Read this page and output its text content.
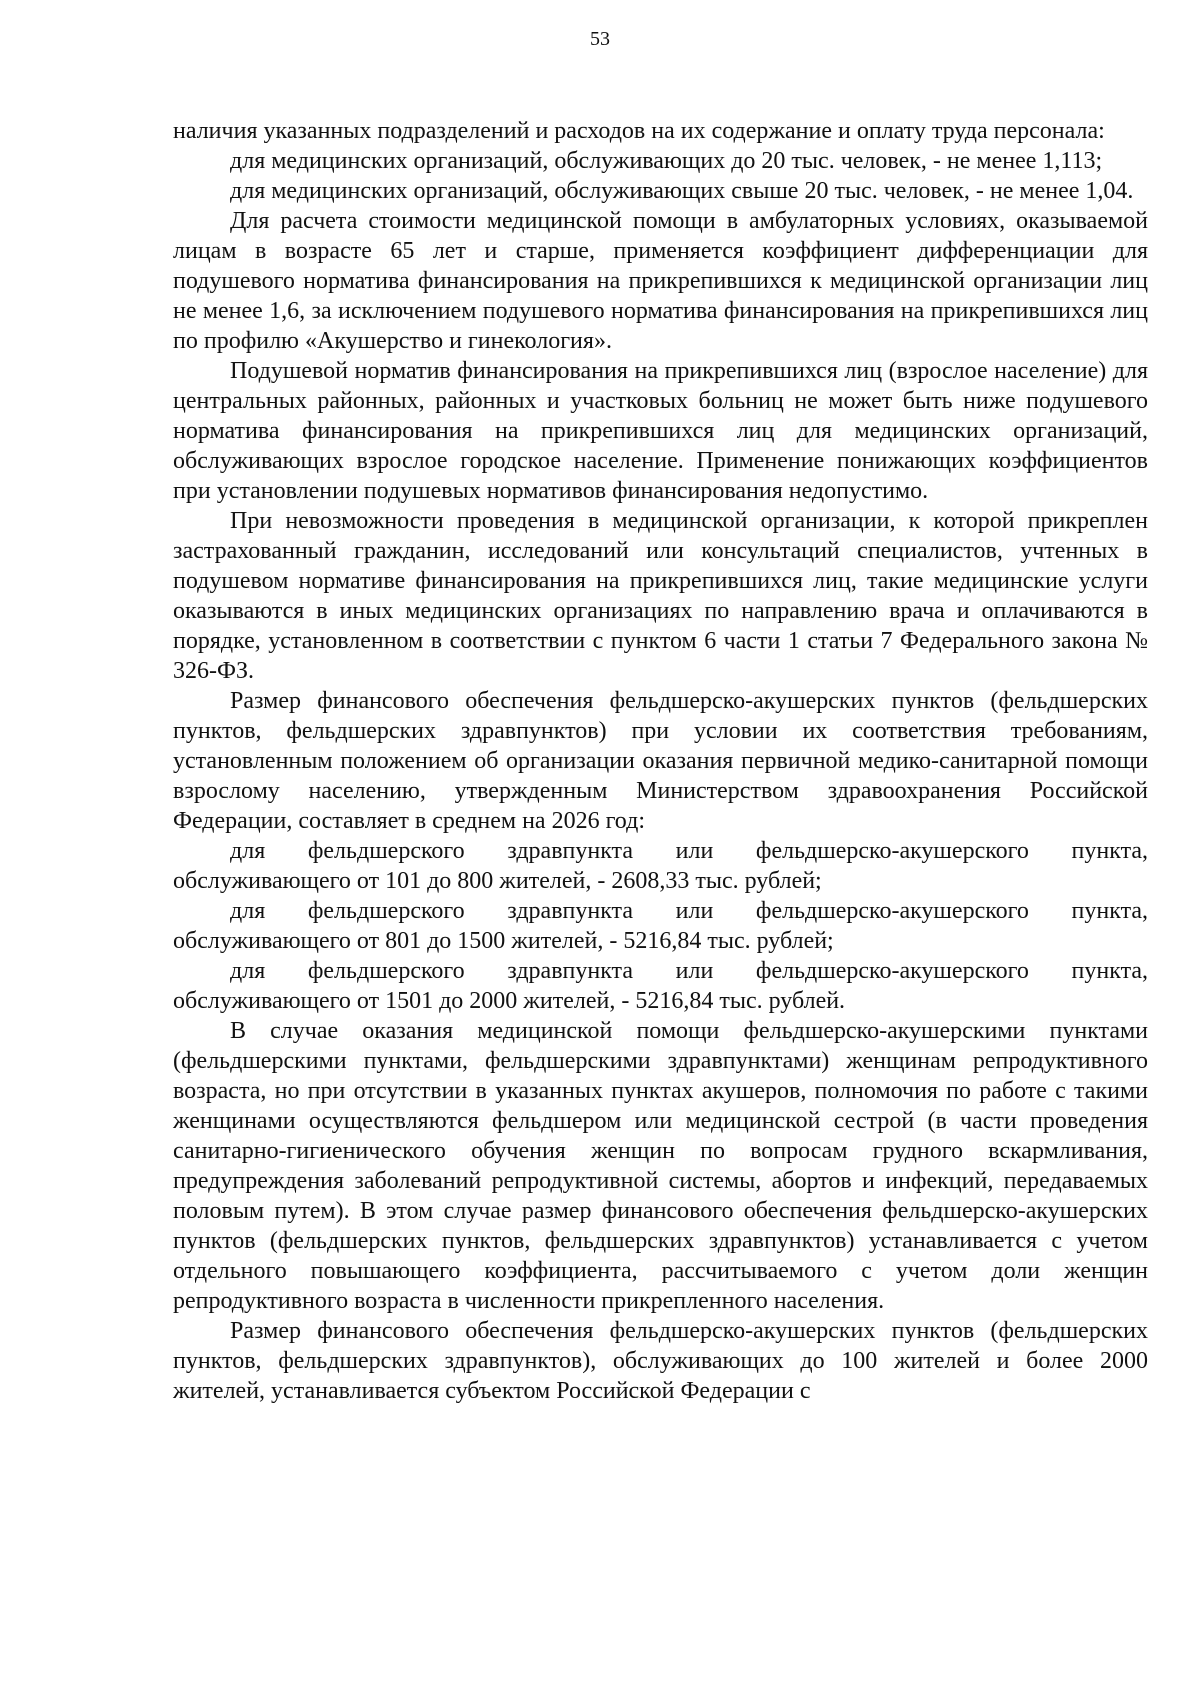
53

наличия указанных подразделений и расходов на их содержание и оплату труда персонала:

для медицинских организаций, обслуживающих до 20 тыс. человек, - не менее 1,113;

для медицинских организаций, обслуживающих свыше 20 тыс. человек, - не менее 1,04.

Для расчета стоимости медицинской помощи в амбулаторных условиях, оказываемой лицам в возрасте 65 лет и старше, применяется коэффициент дифференциации для подушевого норматива финансирования на прикрепившихся к медицинской организации лиц не менее 1,6, за исключением подушевого норматива финансирования на прикрепившихся лиц по профилю «Акушерство и гинекология».

Подушевой норматив финансирования на прикрепившихся лиц (взрослое население) для центральных районных, районных и участковых больниц не может быть ниже подушевого норматива финансирования на прикрепившихся лиц для медицинских организаций, обслуживающих взрослое городское население. Применение понижающих коэффициентов при установлении подушевых нормативов финансирования недопустимо.

При невозможности проведения в медицинской организации, к которой прикреплен застрахованный гражданин, исследований или консультаций специалистов, учтенных в подушевом нормативе финансирования на прикрепившихся лиц, такие медицинские услуги оказываются в иных медицинских организациях по направлению врача и оплачиваются в порядке, установленном в соответствии с пунктом 6 части 1 статьи 7 Федерального закона № 326-ФЗ.

Размер финансового обеспечения фельдшерско-акушерских пунктов (фельдшерских пунктов, фельдшерских здравпунктов) при условии их соответствия требованиям, установленным положением об организации оказания первичной медико-санитарной помощи взрослому населению, утвержденным Министерством здравоохранения Российской Федерации, составляет в среднем на 2026 год:

для фельдшерского здравпункта или фельдшерско-акушерского пункта, обслуживающего от 101 до 800 жителей, - 2608,33 тыс. рублей;

для фельдшерского здравпункта или фельдшерско-акушерского пункта, обслуживающего от 801 до 1500 жителей, - 5216,84 тыс. рублей;

для фельдшерского здравпункта или фельдшерско-акушерского пункта, обслуживающего от 1501 до 2000 жителей, - 5216,84 тыс. рублей.

В случае оказания медицинской помощи фельдшерско-акушерскими пунктами (фельдшерскими пунктами, фельдшерскими здравпунктами) женщинам репродуктивного возраста, но при отсутствии в указанных пунктах акушеров, полномочия по работе с такими женщинами осуществляются фельдшером или медицинской сестрой (в части проведения санитарно-гигиенического обучения женщин по вопросам грудного вскармливания, предупреждения заболеваний репродуктивной системы, абортов и инфекций, передаваемых половым путем). В этом случае размер финансового обеспечения фельдшерско-акушерских пунктов (фельдшерских пунктов, фельдшерских здравпунктов) устанавливается с учетом отдельного повышающего коэффициента, рассчитываемого с учетом доли женщин репродуктивного возраста в численности прикрепленного населения.

Размер финансового обеспечения фельдшерско-акушерских пунктов (фельдшерских пунктов, фельдшерских здравпунктов), обслуживающих до 100 жителей и более 2000 жителей, устанавливается субъектом Российской Федерации с
